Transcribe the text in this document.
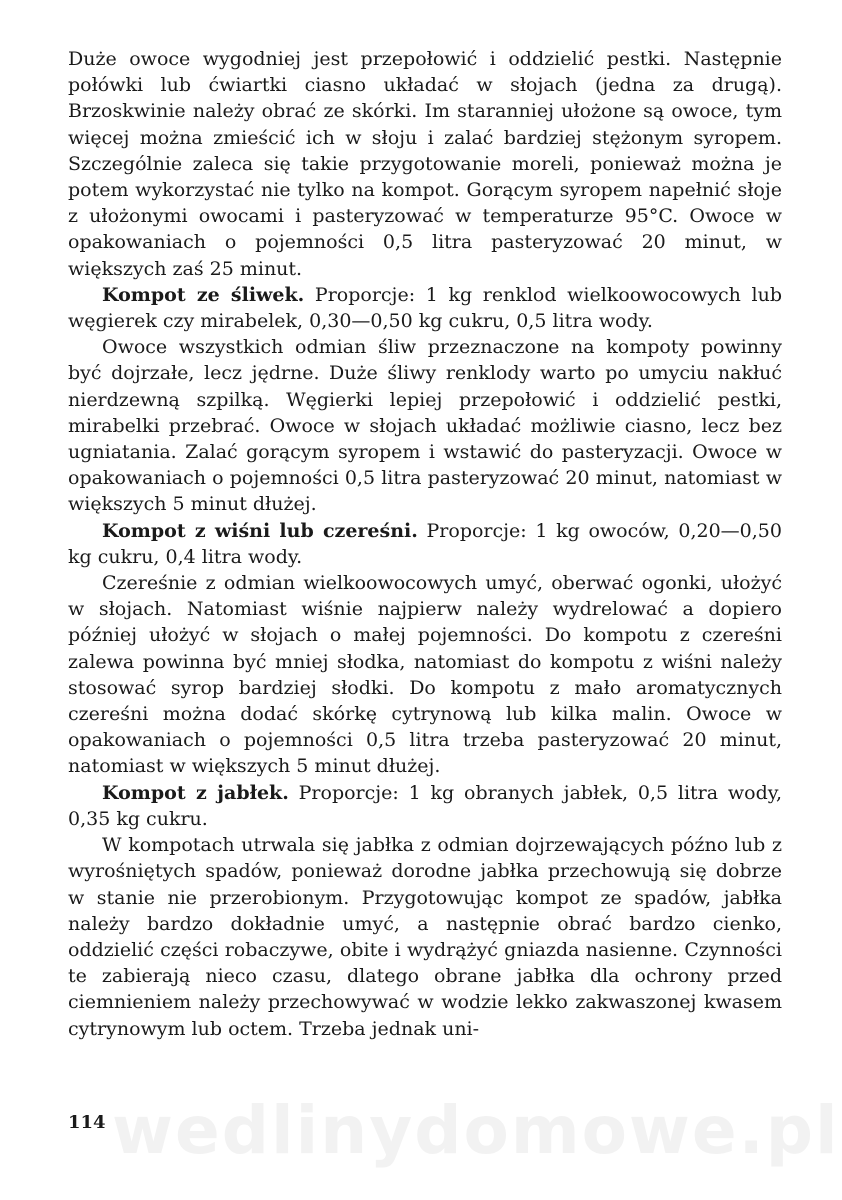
Duże owoce wygodniej jest przepołowić i oddzielić pestki. Następnie połówki lub ćwiartki ciasno układać w słojach (jedna za drugą). Brzoskwinie należy obrać ze skórki. Im staranniej ułożone są owoce, tym więcej można zmieścić ich w słoju i zalać bardziej stężonym syropem. Szczególnie zaleca się takie przygotowanie moreli, ponieważ można je potem wykorzystać nie tylko na kompot. Gorącym syropem napełnić słoje z ułożonymi owocami i pasteryzować w temperaturze 95°C. Owoce w opakowaniach o pojemności 0,5 litra pasteryzować 20 minut, w większych zaś 25 minut.

Kompot ze śliwek. Proporcje: 1 kg renklod wielkoowocowych lub węgierek czy mirabelek, 0,30—0,50 kg cukru, 0,5 litra wody.

Owoce wszystkich odmian śliw przeznaczone na kompoty powinny być dojrzałe, lecz jędrne. Duże śliwy renklody warto po umyciu nakłuć nierdzewną szpilką. Węgierki lepiej przepołowić i oddzielić pestki, mirabelki przebrać. Owoce w słojach układać możliwie ciasno, lecz bez ugniatania. Zalać gorącym syropem i wstawić do pasteryzacji. Owoce w opakowaniach o pojemności 0,5 litra pasteryzować 20 minut, natomiast w większych 5 minut dłużej.

Kompot z wiśni lub czereśni. Proporcje: 1 kg owoców, 0,20—0,50 kg cukru, 0,4 litra wody.

Czereśnie z odmian wielkoowocowych umyć, oberwać ogonki, ułożyć w słojach. Natomiast wiśnie najpierw należy wydrelować a dopiero później ułożyć w słojach o małej pojemności. Do kompotu z czereśni zalewa powinna być mniej słodka, natomiast do kompotu z wiśni należy stosować syrop bardziej słodki. Do kompotu z mało aromatycznych czereśni można dodać skórkę cytrynową lub kilka malin. Owoce w opakowaniach o pojemności 0,5 litra trzeba pasteryzować 20 minut, natomiast w większych 5 minut dłużej.

Kompot z jabłek. Proporcje: 1 kg obranych jabłek, 0,5 litra wody, 0,35 kg cukru.

W kompotach utrwala się jabłka z odmian dojrzewających późno lub z wyrośniętych spadów, ponieważ dorodne jabłka przechowują się dobrze w stanie nie przerobionym. Przygotowując kompot ze spadów, jabłka należy bardzo dokładnie umyć, a następnie obrać bardzo cienko, oddzielić części robaczywe, obite i wydrążyć gniazda nasienne. Czynności te zabierają nieco czasu, dlatego obrane jabłka dla ochrony przed ciemnieniem należy przechowywać w wodzie lekko zakwaszonej kwasem cytrynowym lub octem. Trzeba jednak uni-

wedlinydomowe.pl
114
